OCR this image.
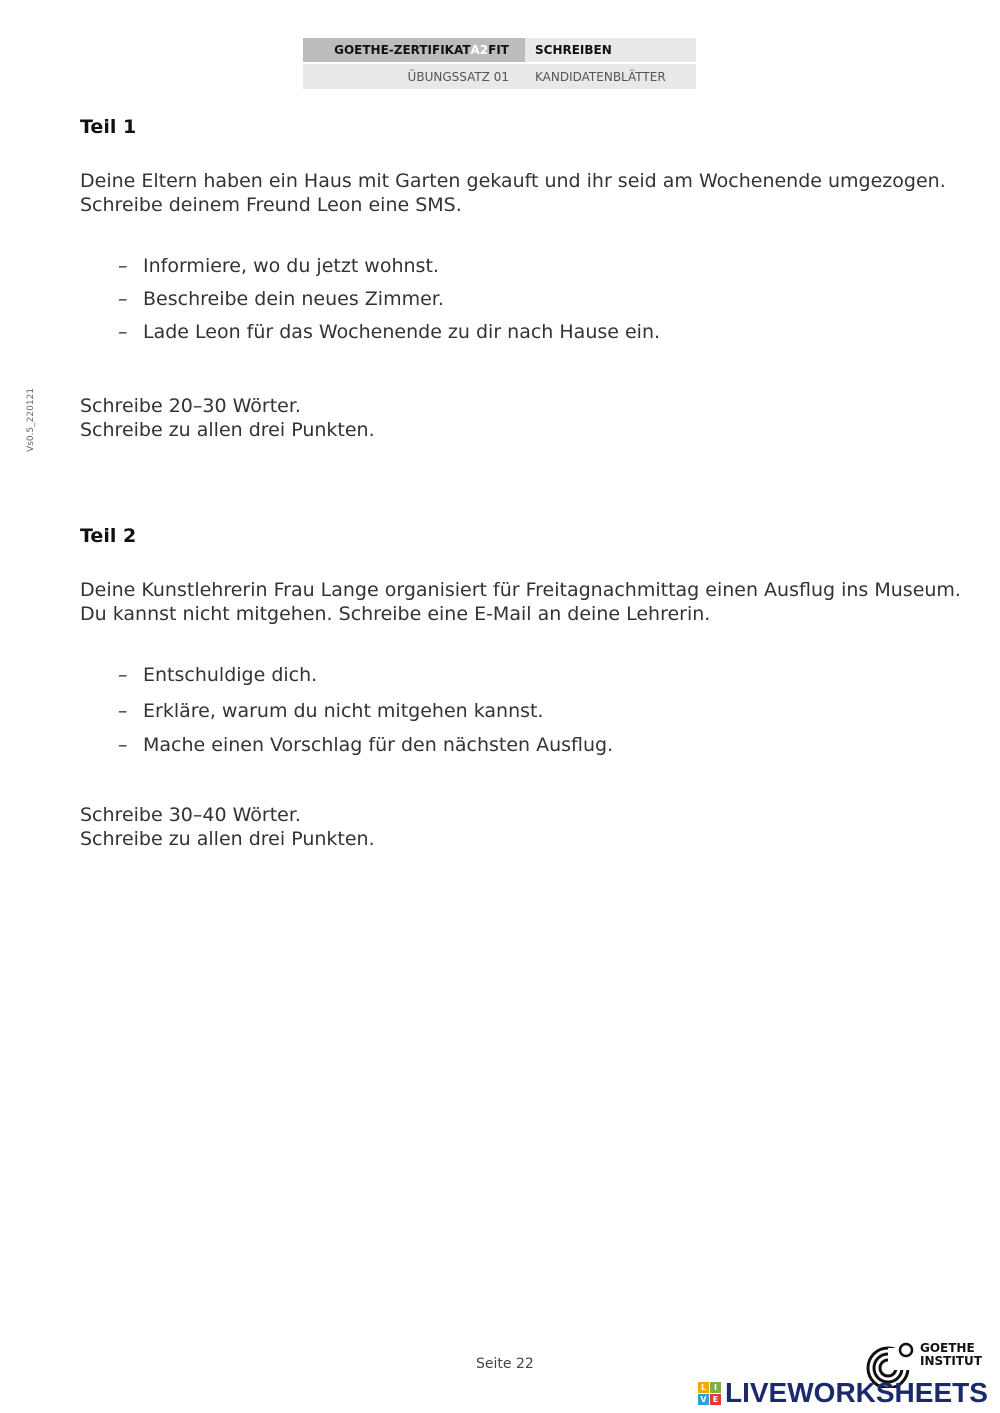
GOETHE-ZERTIFIKAT A2 FIT SCHREIBEN
ÜBUNGSSATZ 01 KANDIDATENBLÄTTER
Vs0.5_220121
Teil 1
Deine Eltern haben ein Haus mit Garten gekauft und ihr seid am Wochenende umgezogen.
Schreibe deinem Freund Leon eine SMS.
– Informiere, wo du jetzt wohnst.
– Beschreibe dein neues Zimmer.
– Lade Leon für das Wochenende zu dir nach Hause ein.
Schreibe 20–30 Wörter.
Schreibe zu allen drei Punkten.
Teil 2
Deine Kunstlehrerin Frau Lange organisiert für Freitagnachmittag einen Ausflug ins Museum.
Du kannst nicht mitgehen. Schreibe eine E-Mail an deine Lehrerin.
– Entschuldige dich.
– Erkläre, warum du nicht mitgehen kannst.
– Mache einen Vorschlag für den nächsten Ausflug.
Schreibe 30–40 Wörter.
Schreibe zu allen drei Punkten.
Seite 22
GOETHE
INSTITUT
L I
V E LIVEWORKSHEETS
